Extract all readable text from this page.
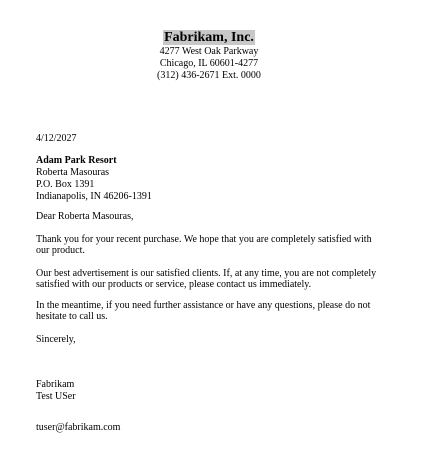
Fabrikam, Inc.
4277 West Oak Parkway
Chicago, IL 60601-4277
(312) 436-2671 Ext. 0000
4/12/2027
Adam Park Resort
Roberta Masouras
P.O. Box 1391
Indianapolis, IN 46206-1391
Dear Roberta Masouras,
Thank you for your recent purchase. We hope that you are completely satisfied with our product.
Our best advertisement is our satisfied clients. If, at any time, you are not completely satisfied with our products or service, please contact us immediately.
In the meantime, if you need further assistance or have any questions, please do not hesitate to call us.
Sincerely,
Fabrikam
Test USer
tuser@fabrikam.com
